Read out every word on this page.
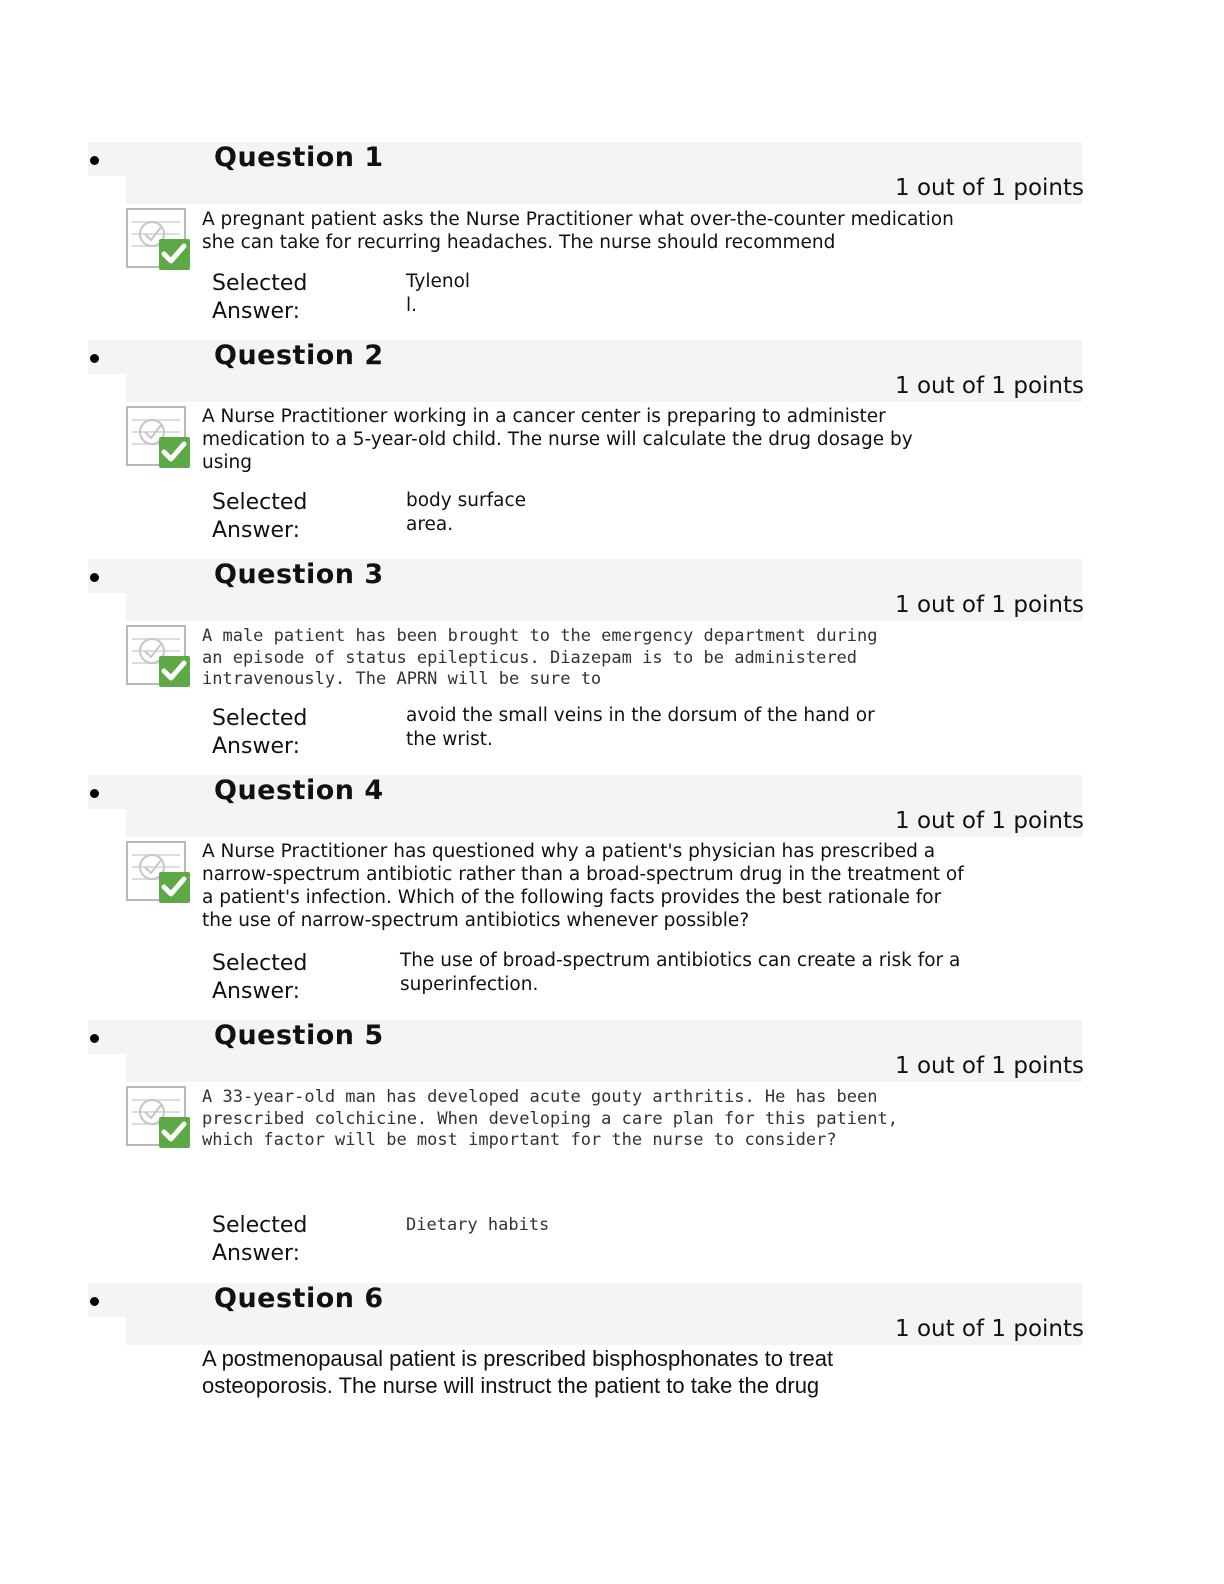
Question 1
1 out of 1 points
A pregnant patient asks the Nurse Practitioner what over-the-counter medication
she can take for recurring headaches. The nurse should recommend
Selected
Answer:
Tylenol
l.
Question 2
1 out of 1 points
A Nurse Practitioner working in a cancer center is preparing to administer
medication to a 5-year-old child. The nurse will calculate the drug dosage by
using
Selected
Answer:
body surface
area.
Question 3
1 out of 1 points
A male patient has been brought to the emergency department during
an episode of status epilepticus. Diazepam is to be administered
intravenously. The APRN will be sure to
Selected
Answer:
avoid the small veins in the dorsum of the hand or
the wrist.
Question 4
1 out of 1 points
A Nurse Practitioner has questioned why a patient's physician has prescribed a
narrow-spectrum antibiotic rather than a broad-spectrum drug in the treatment of
a patient's infection. Which of the following facts provides the best rationale for
the use of narrow-spectrum antibiotics whenever possible?
Selected
Answer:
The use of broad-spectrum antibiotics can create a risk for a
superinfection.
Question 5
1 out of 1 points
A 33-year-old man has developed acute gouty arthritis. He has been
prescribed colchicine. When developing a care plan for this patient,
which factor will be most important for the nurse to consider?
Selected
Answer:
Dietary habits
Question 6
1 out of 1 points
A postmenopausal patient is prescribed bisphosphonates to treat
osteoporosis. The nurse will instruct the patient to take the drug
